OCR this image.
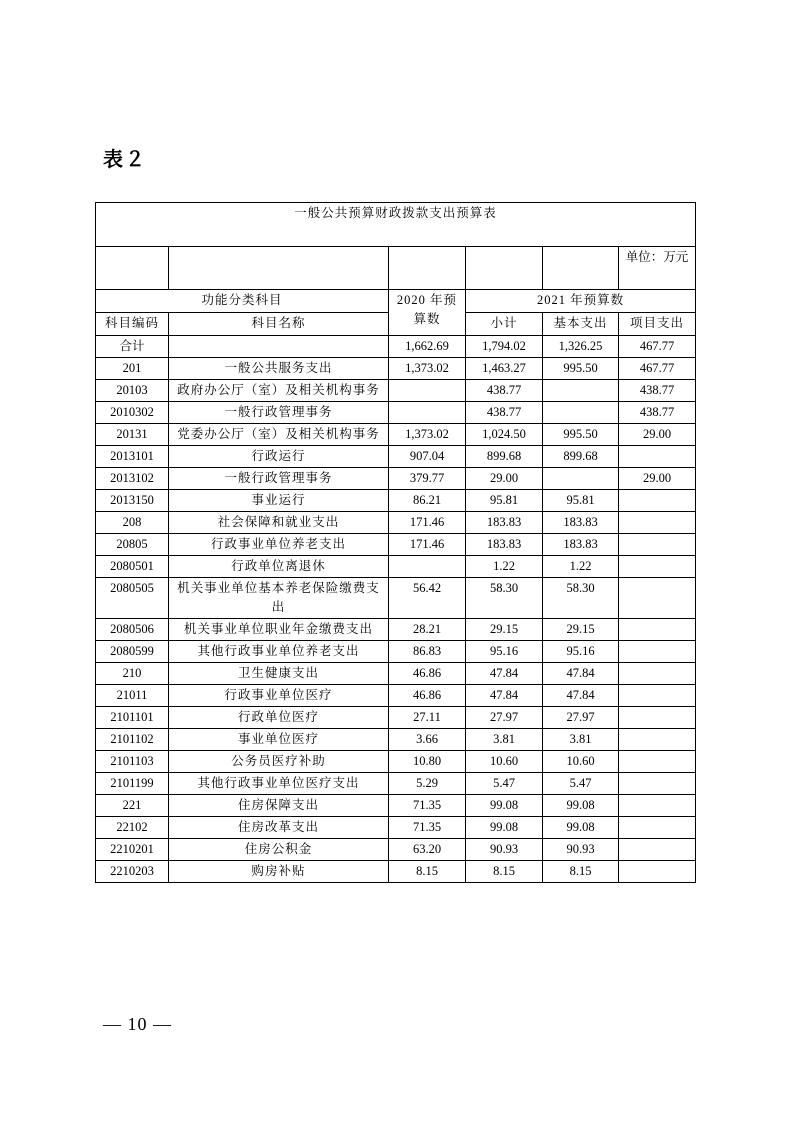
表２
一般公共预算财政拨款支出预算表					
					单位：万元
功能分类科目		2020 年预算数	2021 年预算数		
科目编码	科目名称		小计	基本支出	项目支出
合计		1,662.69	1,794.02	1,326.25	467.77
201	一般公共服务支出	1,373.02	1,463.27	995.50	467.77
20103	政府办公厅（室）及相关机构事务		438.77		438.77
2010302	一般行政管理事务		438.77		438.77
20131	党委办公厅（室）及相关机构事务	1,373.02	1,024.50	995.50	29.00
2013101	行政运行	907.04	899.68	899.68	
2013102	一般行政管理事务	379.77	29.00		29.00
2013150	事业运行	86.21	95.81	95.81	
208	社会保障和就业支出	171.46	183.83	183.83	
20805	行政事业单位养老支出	171.46	183.83	183.83	
2080501	行政单位离退休		1.22	1.22	
2080505	机关事业单位基本养老保险缴费支出	56.42	58.30	58.30	
2080506	机关事业单位职业年金缴费支出	28.21	29.15	29.15	
2080599	其他行政事业单位养老支出	86.83	95.16	95.16	
210	卫生健康支出	46.86	47.84	47.84	
21011	行政事业单位医疗	46.86	47.84	47.84	
2101101	行政单位医疗	27.11	27.97	27.97	
2101102	事业单位医疗	3.66	3.81	3.81	
2101103	公务员医疗补助	10.80	10.60	10.60	
2101199	其他行政事业单位医疗支出	5.29	5.47	5.47	
221	住房保障支出	71.35	99.08	99.08	
22102	住房改革支出	71.35	99.08	99.08	
2210201	住房公积金	63.20	90.93	90.93	
2210203	购房补贴	8.15	8.15	8.15	
— 10 —
